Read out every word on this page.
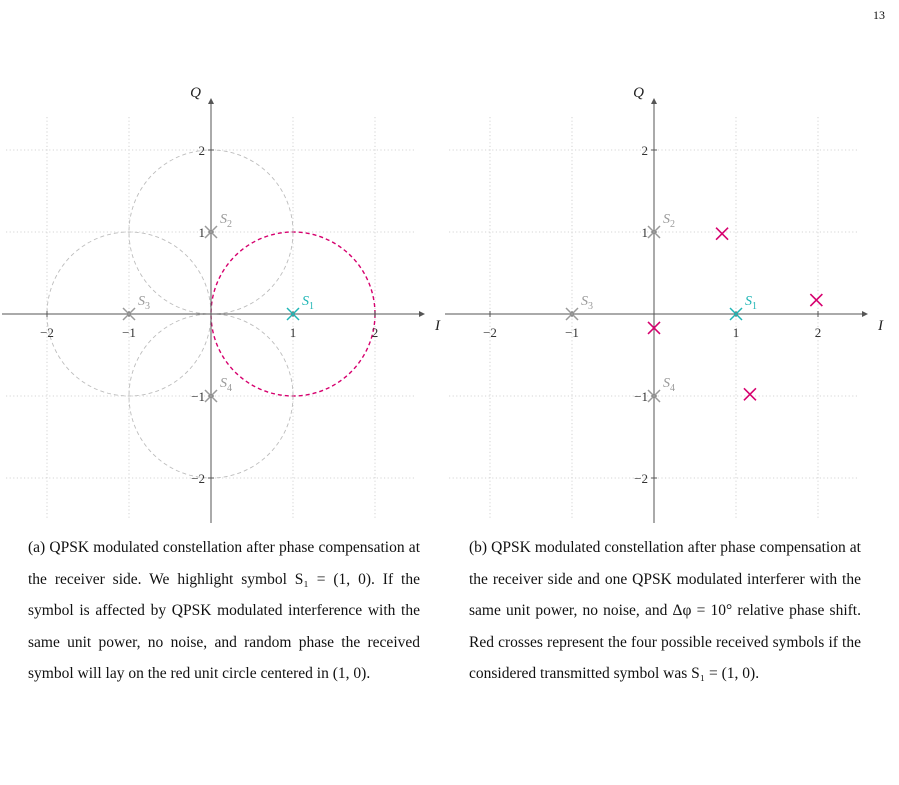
13
−2	−1	1	2
−2
−1
1
2
I
Q
$S_1$
$S_2$
$S_3$
$S_4$
−2	−1	1	2
−2
−1
1
2
I
Q
$S_1$
$S_2$
$S_3$
$S_4$
(a) QPSK modulated constellation after phase compensation at the receiver side. We highlight symbol S₁ = (1, 0). If the symbol is affected by QPSK modulated interference with the same unit power, no noise, and random phase the received symbol will lay on the red unit circle centered in (1, 0).
(b) QPSK modulated constellation after phase compensation at the receiver side and one QPSK modulated interferer with the same unit power, no noise, and Δφ = 10° relative phase shift. Red crosses represent the four possible received symbols if the considered transmitted symbol was S₁ = (1, 0).
